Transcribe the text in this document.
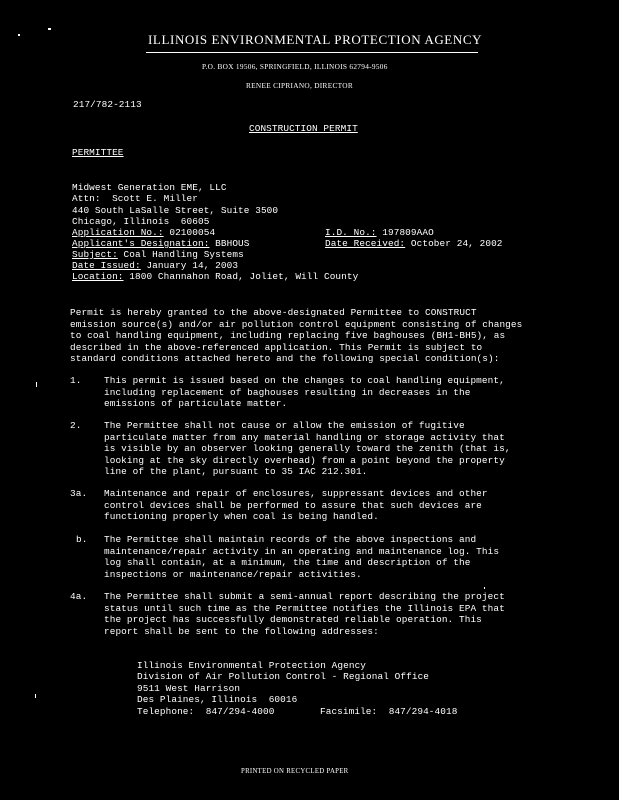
ILLINOIS ENVIRONMENTAL PROTECTION AGENCY
P.O. BOX 19506, SPRINGFIELD, ILLINOIS 62794-9506
RENEE CIPRIANO, DIRECTOR
217/782-2113
CONSTRUCTION PERMIT
PERMITTEE

Midwest Generation EME, LLC
Attn:  Scott E. Miller
440 South LaSalle Street, Suite 3500
Chicago, Illinois  60605

Application No.: 02100054	I.D. No.: 197809AAO
Applicant's Designation: BBHOUS	Date Received: October 24, 2002
Subject: Coal Handling Systems
Date Issued: January 14, 2003
Location: 1800 Channahon Road, Joliet, Will County
Permit is hereby granted to the above-designated Permittee to CONSTRUCT
emission source(s) and/or air pollution control equipment consisting of changes
to coal handling equipment, including replacing five baghouses (BH1-BH5), as
described in the above-referenced application. This Permit is subject to
standard conditions attached hereto and the following special condition(s):
1. This permit is issued based on the changes to coal handling equipment,
including replacement of baghouses resulting in decreases in the
emissions of particulate matter.
2. The Permittee shall not cause or allow the emission of fugitive
particulate matter from any material handling or storage activity that
is visible by an observer looking generally toward the zenith (that is,
looking at the sky directly overhead) from a point beyond the property
line of the plant, pursuant to 35 IAC 212.301.
3a. Maintenance and repair of enclosures, suppressant devices and other
control devices shall be performed to assure that such devices are
functioning properly when coal is being handled.
b. The Permittee shall maintain records of the above inspections and
maintenance/repair activity in an operating and maintenance log. This
log shall contain, at a minimum, the time and description of the
inspections or maintenance/repair activities.
4a. The Permittee shall submit a semi-annual report describing the project
status until such time as the Permittee notifies the Illinois EPA that
the project has successfully demonstrated reliable operation. This
report shall be sent to the following addresses:

Illinois Environmental Protection Agency
Division of Air Pollution Control - Regional Office
9511 West Harrison
Des Plaines, Illinois  60016

Telephone: 847/294-4000	Facsimile: 847/294-4018
PRINTED ON RECYCLED PAPER
